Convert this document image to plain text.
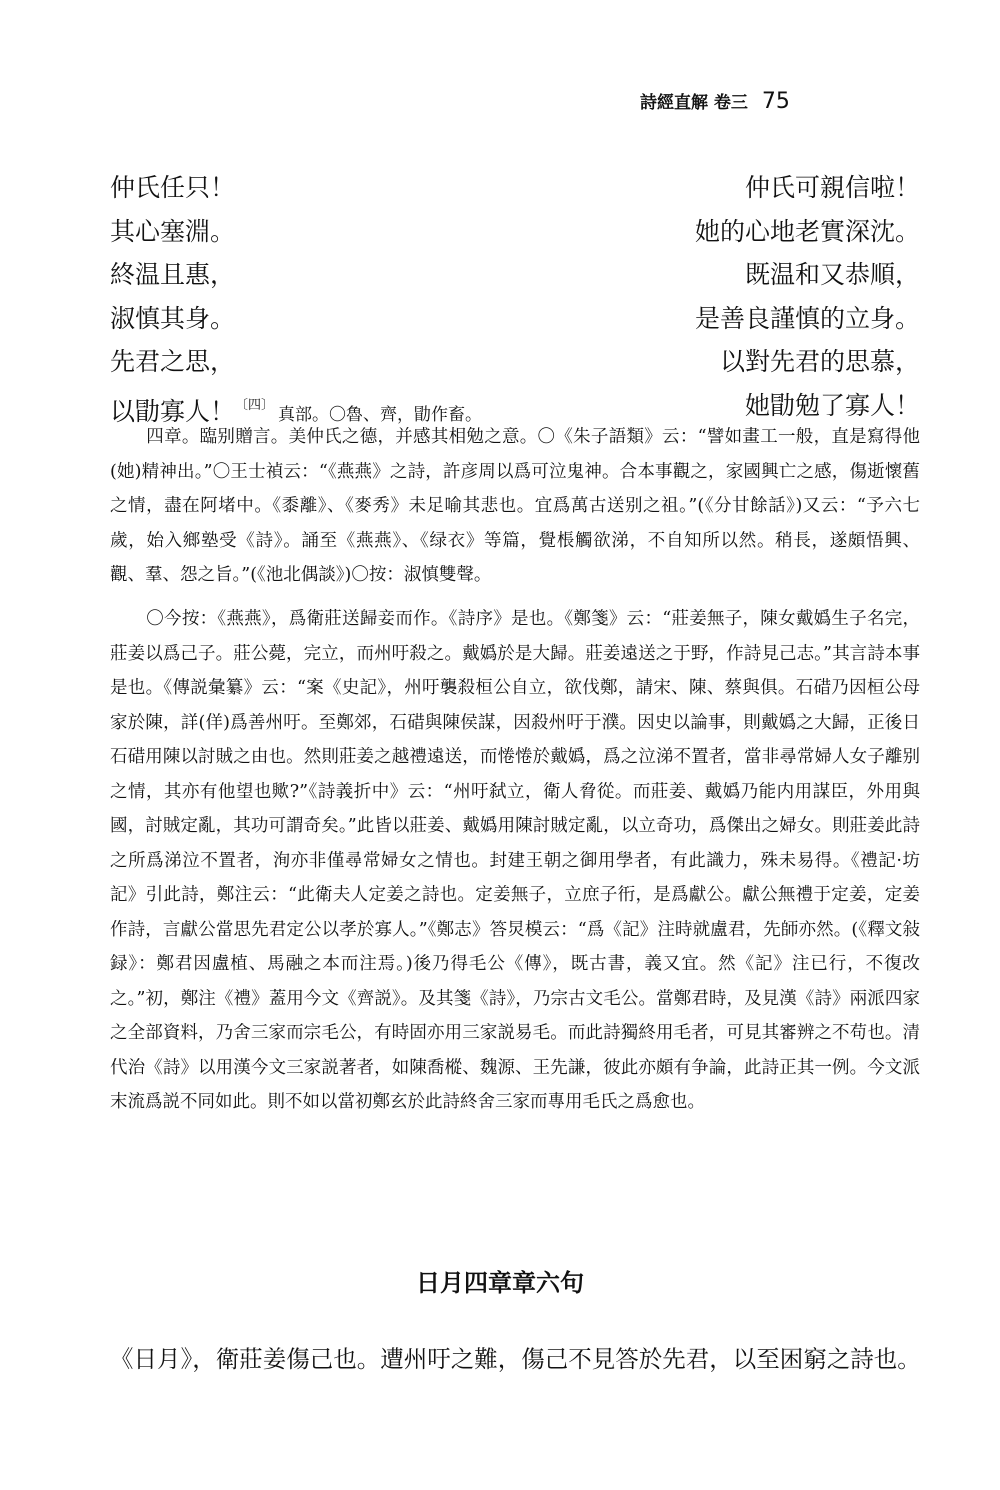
詩經直解 卷三 75
仲氏任只！	仲氏可親信啦！
其心塞淵。	她的心地老實深沈。
終温且惠，	既温和又恭順，
淑慎其身。	是善良謹慎的立身。
先君之思，	以對先君的思慕，
以勖寡人！$^{〔四〕}$ 真部。〇魯、齊，勖作畜。	她勖勉了寡人！

四章。臨别贈言。美仲氏之德，并感其相勉之意。〇《朱子語類》云：“譬如畫工一般，直是寫得他(她)精神出。”〇王士禎云：“《燕燕》之詩，許彦周以爲可泣鬼神。合本事觀之，家國興亡之感，傷逝懷舊之情，盡在阿堵中。《黍離》、《麥秀》未足喻其悲也。宜爲萬古送别之祖。”(《分甘餘話》)又云：“予六七歲，始入鄉塾受《詩》。誦至《燕燕》、《绿衣》等篇，覺棖觸欲涕，不自知所以然。稍長，遂頗悟興、觀、羣、怨之旨。”(《池北偶談》)〇按：淑慎雙聲。

〇今按：《燕燕》，爲衛莊送歸妾而作。《詩序》是也。《鄭箋》云：“莊姜無子，陳女戴嬀生子名完，莊姜以爲己子。莊公薨，完立，而州吁殺之。戴嬀於是大歸。莊姜遠送之于野，作詩見己志。”其言詩本事是也。《傳説彙纂》云：“案《史記》，州吁襲殺桓公自立，欲伐鄭，請宋、陳、蔡與俱。石碏乃因桓公母家於陳，詳(佯)爲善州吁。至鄭郊，石碏與陳侯謀，因殺州吁于濮。因史以論事，則戴嬀之大歸，正後日石碏用陳以討賊之由也。然則莊姜之越禮遠送，而惓惓於戴嬀，爲之泣涕不置者，當非尋常婦人女子離别之情，其亦有他望也歟?”《詩義折中》云：“州吁弑立，衛人脅從。而莊姜、戴嬀乃能内用謀臣，外用與國，討賊定亂，其功可謂奇矣。”此皆以莊姜、戴嬀用陳討賊定亂，以立奇功，爲傑出之婦女。則莊姜此詩之所爲涕泣不置者，洵亦非僅尋常婦女之情也。封建王朝之御用學者，有此識力，殊未易得。《禮記·坊記》引此詩，鄭注云：“此衛夫人定姜之詩也。定姜無子，立庶子衎，是爲獻公。獻公無禮于定姜，定姜作詩，言獻公當思先君定公以孝於寡人。”《鄭志》答炅模云：“爲《記》注時就盧君，先師亦然。(《釋文敍録》：鄭君因盧植、馬融之本而注焉。)後乃得毛公《傳》，既古書，義又宜。然《記》注已行，不復改之。”初，鄭注《禮》蓋用今文《齊説》。及其箋《詩》，乃宗古文毛公。當鄭君時，及見漢《詩》兩派四家之全部資料，乃舍三家而宗毛公，有時固亦用三家説易毛。而此詩獨終用毛者，可見其審辨之不苟也。清代治《詩》以用漢今文三家説著者，如陳喬樅、魏源、王先謙，彼此亦頗有争論，此詩正其一例。今文派末流爲説不同如此。則不如以當初鄭玄於此詩終舍三家而專用毛氏之爲愈也。

日月四章章六句
《日月》，衛莊姜傷己也。遭州吁之難，傷己不見答於先君，以至困窮之詩也。
